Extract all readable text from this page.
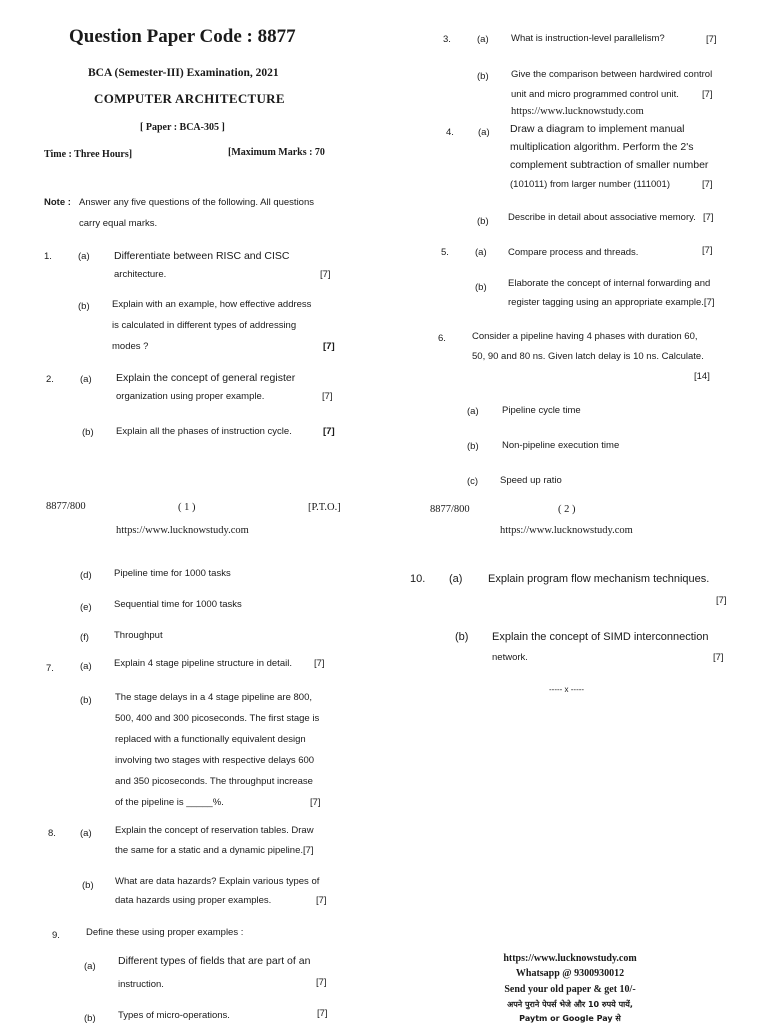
Question Paper Code : 8877
BCA (Semester-III) Examination, 2021
COMPUTER ARCHITECTURE
[ Paper : BCA-305 ]
Time : Three Hours]	[Maximum Marks : 70
Note : Answer any five questions of the following. All questions
carry equal marks.
1.	(a) Differentiate between RISC and CISC
architecture.	[7]
(b) Explain with an example, how effective address
is calculated in different types of addressing
modes ?	[7]
2.	(a) Explain the concept of general register
organization using proper example.	[7]
(b) Explain all the phases of instruction cycle.	[7]
8877/800	( 1 )	[P.T.O.]
https://www.lucknowstudy.com
3.	(a) What is instruction-level parallelism?	[7]
(b) Give the comparison between hardwired control
unit and micro programmed control unit. [7]
https://www.lucknowstudy.com
4.	(a) Draw a diagram to implement manual
multiplication algorithm. Perform the 2's
complement subtraction of smaller number
(101011) from larger number (111001)	[7]
(b) Describe in detail about associative memory. [7]
5.	(a) Compare process and threads.	[7]
(b) Elaborate the concept of internal forwarding and
register tagging using an appropriate example.[7]
6.	Consider a pipeline having 4 phases with duration 60,
50, 90 and 80 ns. Given latch delay is 10 ns. Calculate.
[14]
(a) Pipeline cycle time
(b) Non-pipeline execution time
(c) Speed up ratio
8877/800	( 2 )
https://www.lucknowstudy.com
(d) Pipeline time for 1000 tasks
(e) Sequential time for 1000 tasks
(f)	Throughput
7.	(a) Explain 4 stage pipeline structure in detail. [7]
(b) The stage delays in a 4 stage pipeline are 800,
500, 400 and 300 picoseconds. The first stage is
replaced with a functionally equivalent design
involving two stages with respective delays 600
and 350 picoseconds. The throughput increase
of the pipeline is _____%.	[7]
8.	(a) Explain the concept of reservation tables. Draw
the same for a static and a dynamic pipeline.[7]
(b) What are data hazards? Explain various types of
data hazards using proper examples.	[7]
9.	Define these using proper examples :
(a) Different types of fields that are part of an
instruction.	[7]
(b) Types of micro-operations.	[7]
10. (a) Explain program flow mechanism techniques.
[7]
(b) Explain the concept of SIMD interconnection
network.	[7]
----- x -----
https://www.lucknowstudy.com
Whatsapp @ 9300930012
Send your old paper & get 10/-
अपने पुराने पेपर्स भेजे और 10 रुपये पायें,
Paytm or Google Pay से
